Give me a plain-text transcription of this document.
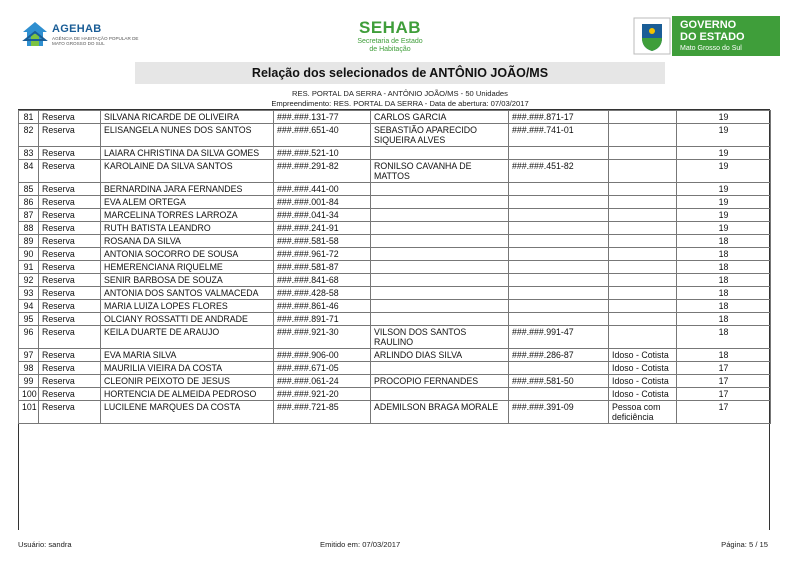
AGEHAB
AGÊNCIA DE HABITAÇÃO POPULAR DE MATO GROSSO DO SUL
SEHAB
Secretaria de Estado
de Habitação
GOVERNO
DO ESTADO
Mato Grosso do Sul
Relação dos selecionados de ANTÔNIO JOÃO/MS
RES. PORTAL DA SERRA - ANTÔNIO JOÃO/MS - 50 Unidades
Empreendimento: RES. PORTAL DA SERRA - Data de abertura: 07/03/2017
81	Reserva	SILVANA RICARDE DE OLIVEIRA	###.###.131-77	CARLOS GARCIA	###.###.871-17		19
82	Reserva	ELISANGELA NUNES DOS SANTOS	###.###.651-40	SEBASTIÃO APARECIDO SIQUEIRA ALVES	###.###.741-01		19
83	Reserva	LAIARA CHRISTINA DA SILVA GOMES	###.###.521-10				19
84	Reserva	KAROLAINE DA SILVA SANTOS	###.###.291-82	RONILSO CAVANHA DE MATTOS	###.###.451-82		19
85	Reserva	BERNARDINA JARA FERNANDES	###.###.441-00				19
86	Reserva	EVA ALEM ORTEGA	###.###.001-84				19
87	Reserva	MARCELINA TORRES LARROZA	###.###.041-34				19
88	Reserva	RUTH BATISTA LEANDRO	###.###.241-91				19
89	Reserva	ROSANA DA SILVA	###.###.581-58				18
90	Reserva	ANTONIA SOCORRO DE SOUSA	###.###.961-72				18
91	Reserva	HEMERENCIANA RIQUELME	###.###.581-87				18
92	Reserva	SENIR BARBOSA DE SOUZA	###.###.841-68				18
93	Reserva	ANTONIA DOS SANTOS VALMACEDA	###.###.428-58				18
94	Reserva	MARIA LUIZA LOPES FLORES	###.###.861-46				18
95	Reserva	OLCIANY ROSSATTI DE ANDRADE	###.###.891-71				18
96	Reserva	KEILA DUARTE DE ARAUJO	###.###.921-30	VILSON DOS SANTOS RAULINO	###.###.991-47		18
97	Reserva	EVA MARIA SILVA	###.###.906-00	ARLINDO DIAS SILVA	###.###.286-87	Idoso - Cotista	18
98	Reserva	MAURILIA VIEIRA DA COSTA	###.###.671-05			Idoso - Cotista	17
99	Reserva	CLEONIR PEIXOTO DE JESUS	###.###.061-24	PROCOPIO FERNANDES	###.###.581-50	Idoso - Cotista	17
100	Reserva	HORTENCIA DE ALMEIDA PEDROSO	###.###.921-20			Idoso - Cotista	17
101	Reserva	LUCILENE MARQUES DA COSTA	###.###.721-85	ADEMILSON BRAGA MORALE	###.###.391-09	Pessoa com deficiência	17
Usuário: sandra	Emitido em: 07/03/2017	Página: 5 / 15
